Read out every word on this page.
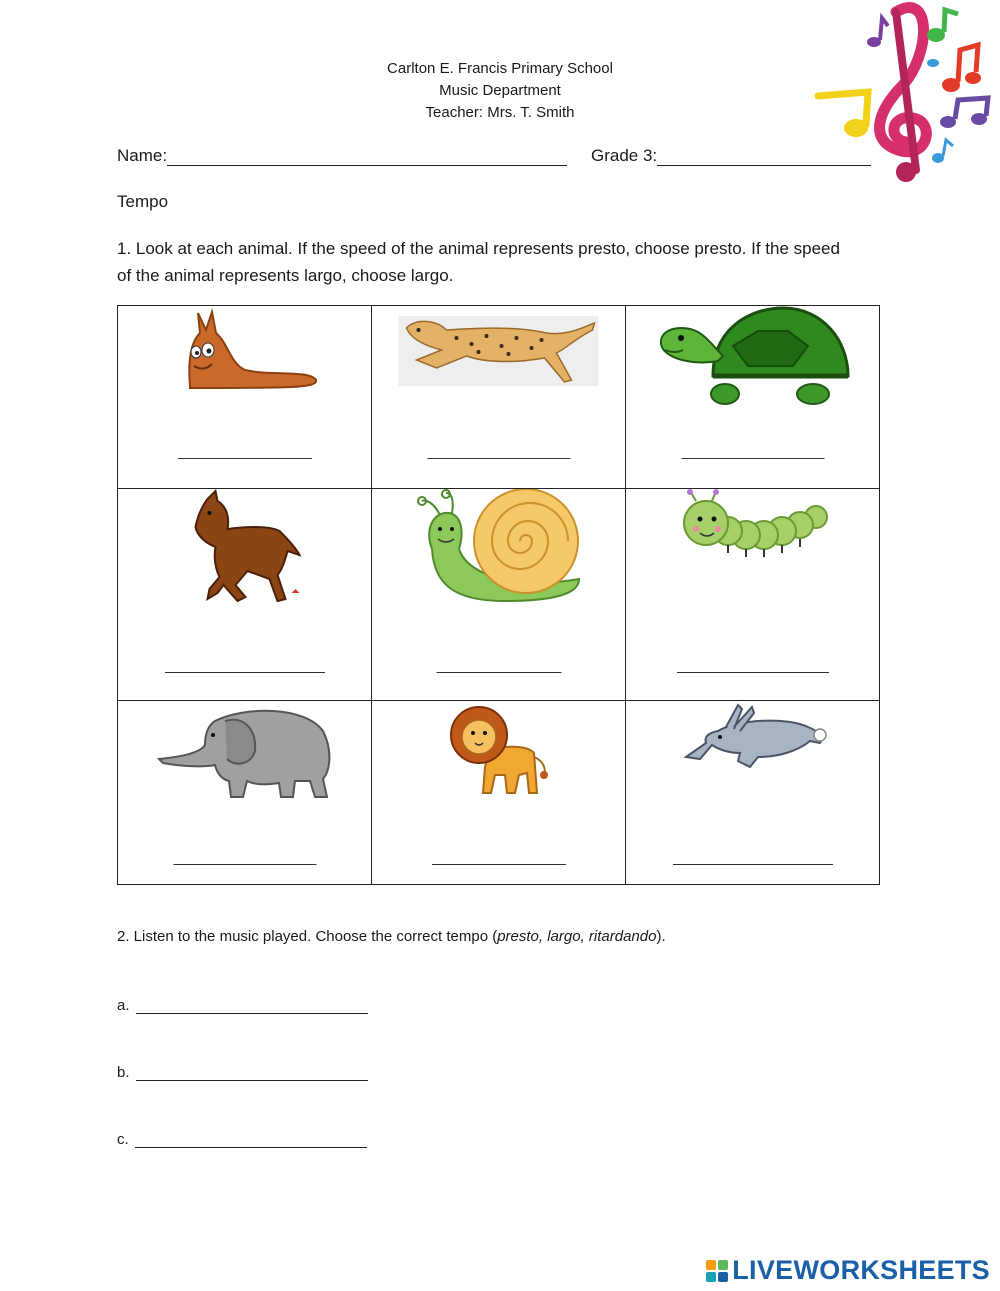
Carlton E. Francis Primary School
Music Department
Teacher: Mrs. T. Smith
Name:	Grade 3:
Tempo
1. Look at each animal. If the speed of the animal represents presto, choose presto. If the speed
of the animal represents largo, choose largo.

2. Listen to the music played. Choose the correct tempo (presto, largo, ritardando).
a.
b.
c.
LIVEWORKSHEETS
